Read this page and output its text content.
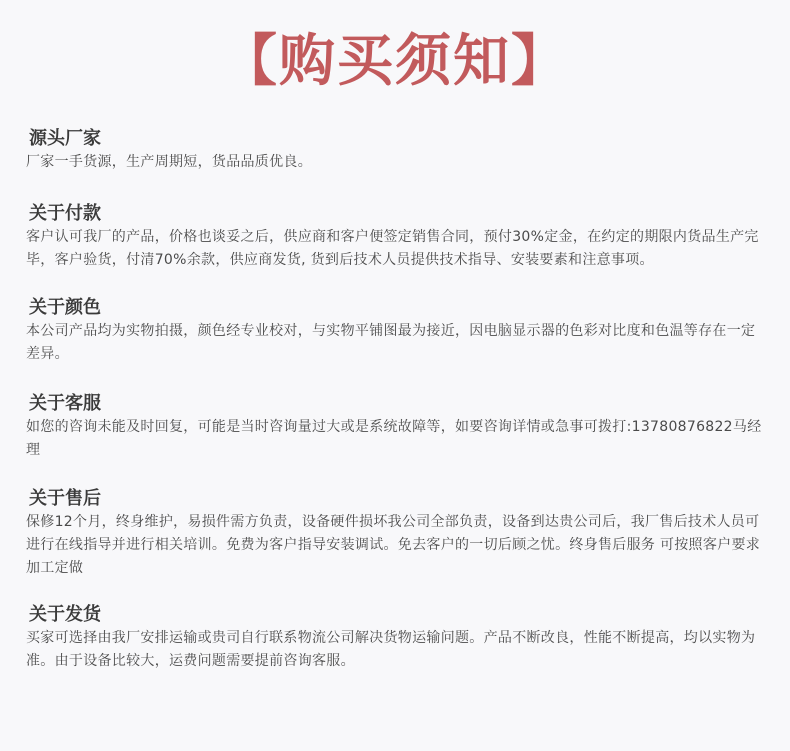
【购买须知】
源头厂家

厂家一手货源，生产周期短，货品品质优良。

关于付款

客户认可我厂的产品，价格也谈妥之后，供应商和客户便签定销售合同，预付30%定金，在约定的期限内货品生产完毕，客户验货，付清70%余款，供应商发货, 货到后技术人员提供技术指导、安装要素和注意事项。

关于颜色

本公司产品均为实物拍摄，颜色经专业校对，与实物平铺图最为接近，因电脑显示器的色彩对比度和色温等存在一定差异。

关于客服

如您的咨询未能及时回复，可能是当时咨询量过大或是系统故障等，如要咨询详情或急事可拨打:13780876822马经理

关于售后

保修12个月，终身维护，易损件需方负责，设备硬件损坏我公司全部负责，设备到达贵公司后，我厂售后技术人员可进行在线指导并进行相关培训。免费为客户指导安装调试。免去客户的一切后顾之忧。终身售后服务 可按照客户要求加工定做

关于发货

买家可选择由我厂安排运输或贵司自行联系物流公司解决货物运输问题。产品不断改良，性能不断提高，均以实物为准。由于设备比较大，运费问题需要提前咨询客服。
